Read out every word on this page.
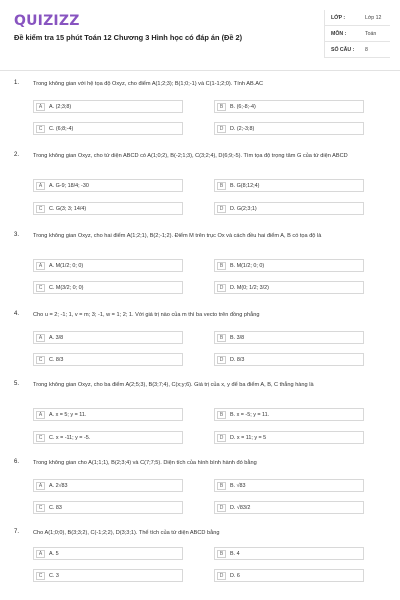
QUIZIZZ
Đề kiểm tra 15 phút Toán 12 Chương 3 Hình học có đáp án (Đề 2)
LỚP :	Lớp 12
MÔN :	Toán
SỐ CÂU : 8
1. Trong không gian với hệ tọa độ Oxyz, cho điểm A(1;2;3); B(1;0;-1) và C(1-1;2;0). Tính AB.AC
A	A. (2;3;8)	B	B. (6;-8;-4)
C	C. (6;8;-4)	D	D. (2;-3;8)
2. Trong không gian Oxyz, cho tứ diện ABCD có A(1;0;2), B(-2;1;3), C(3;2;4), D(6;9;-5). Tìm tọa độ trọng tâm G của tứ diện ABCD
A	A. G-9; 18/4; -30	B	B. G(8;12;4)
C	C. G(3; 3; 14/4)	D	D. G(2;3;1)
3. Trong không gian Oxyz, cho hai điểm A(1;2;1), B(2;-1;2). Điểm M trên trục Ox và cách đều hai điểm A, B có tọa độ là
A	A. M(1/2; 0; 0)	B	B. M(1/2; 0; 0)
C	C. M(3/2; 0; 0)	D	D. M(0; 1/2; 3/2)
4. Cho u = 2; -1; 1, v = m; 3; -1, w = 1; 2; 1. Với giá trị nào của m thì ba vecto trên đồng phẳng
A	A. 3/8	B	B. 3/8
C	C. 8/3	D	D. 8/3
5. Trong không gian Oxyz, cho ba điểm A(2;5;3), B(3;7;4), C(x;y;6). Giá trị của x, y để ba điểm A, B, C thẳng hàng là
A	A. x = 5; y = 11.	B	B. x = -5; y = 11.
C	C. x = -11; y = -5.	D	D. x = 11; y = 5
6. Trong không gian cho A(1;1;1), B(2;3;4) và C(7;7;5). Diện tích của hình bình hành đó bằng
A	A. 2√83	B	B. √83
C	C. 83	D	D. √83/2
7. Cho A(1;0;0), B(3;3;2), C(-1;2;2), D(3;3;1). Thể tích của tứ diện ABCD bằng
A	A. 5	B	B. 4
C	C. 3	D	D. 6
